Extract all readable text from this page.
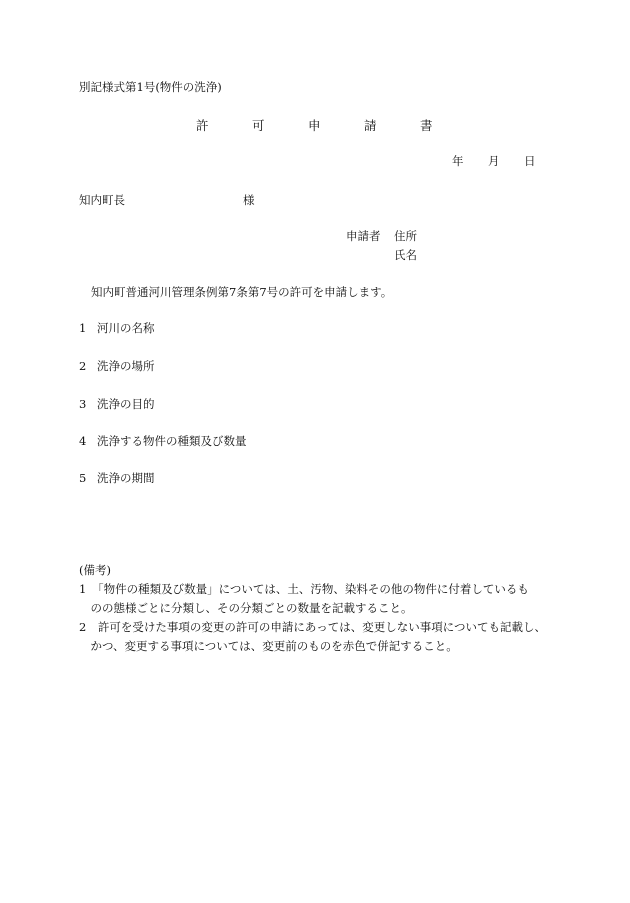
別記様式第1号(物件の洗浄)
許	可	申	請	書
年 月 日
知内町長	様
申請者 住所
氏名
知内町普通河川管理条例第7条第7号の許可を申請します。
1 河川の名称
2 洗浄の場所
3 洗浄の目的
4 洗浄する物件の種類及び数量
5 洗浄の期間
(備考)
1　「物件の種類及び数量」については、土、汚物、染料その他の物件に付着しているも
　のの態様ごとに分類し、その分類ごとの数量を記載すること。
2　許可を受けた事項の変更の許可の申請にあっては、変更しない事項についても記載し、
　かつ、変更する事項については、変更前のものを赤色で併記すること。
